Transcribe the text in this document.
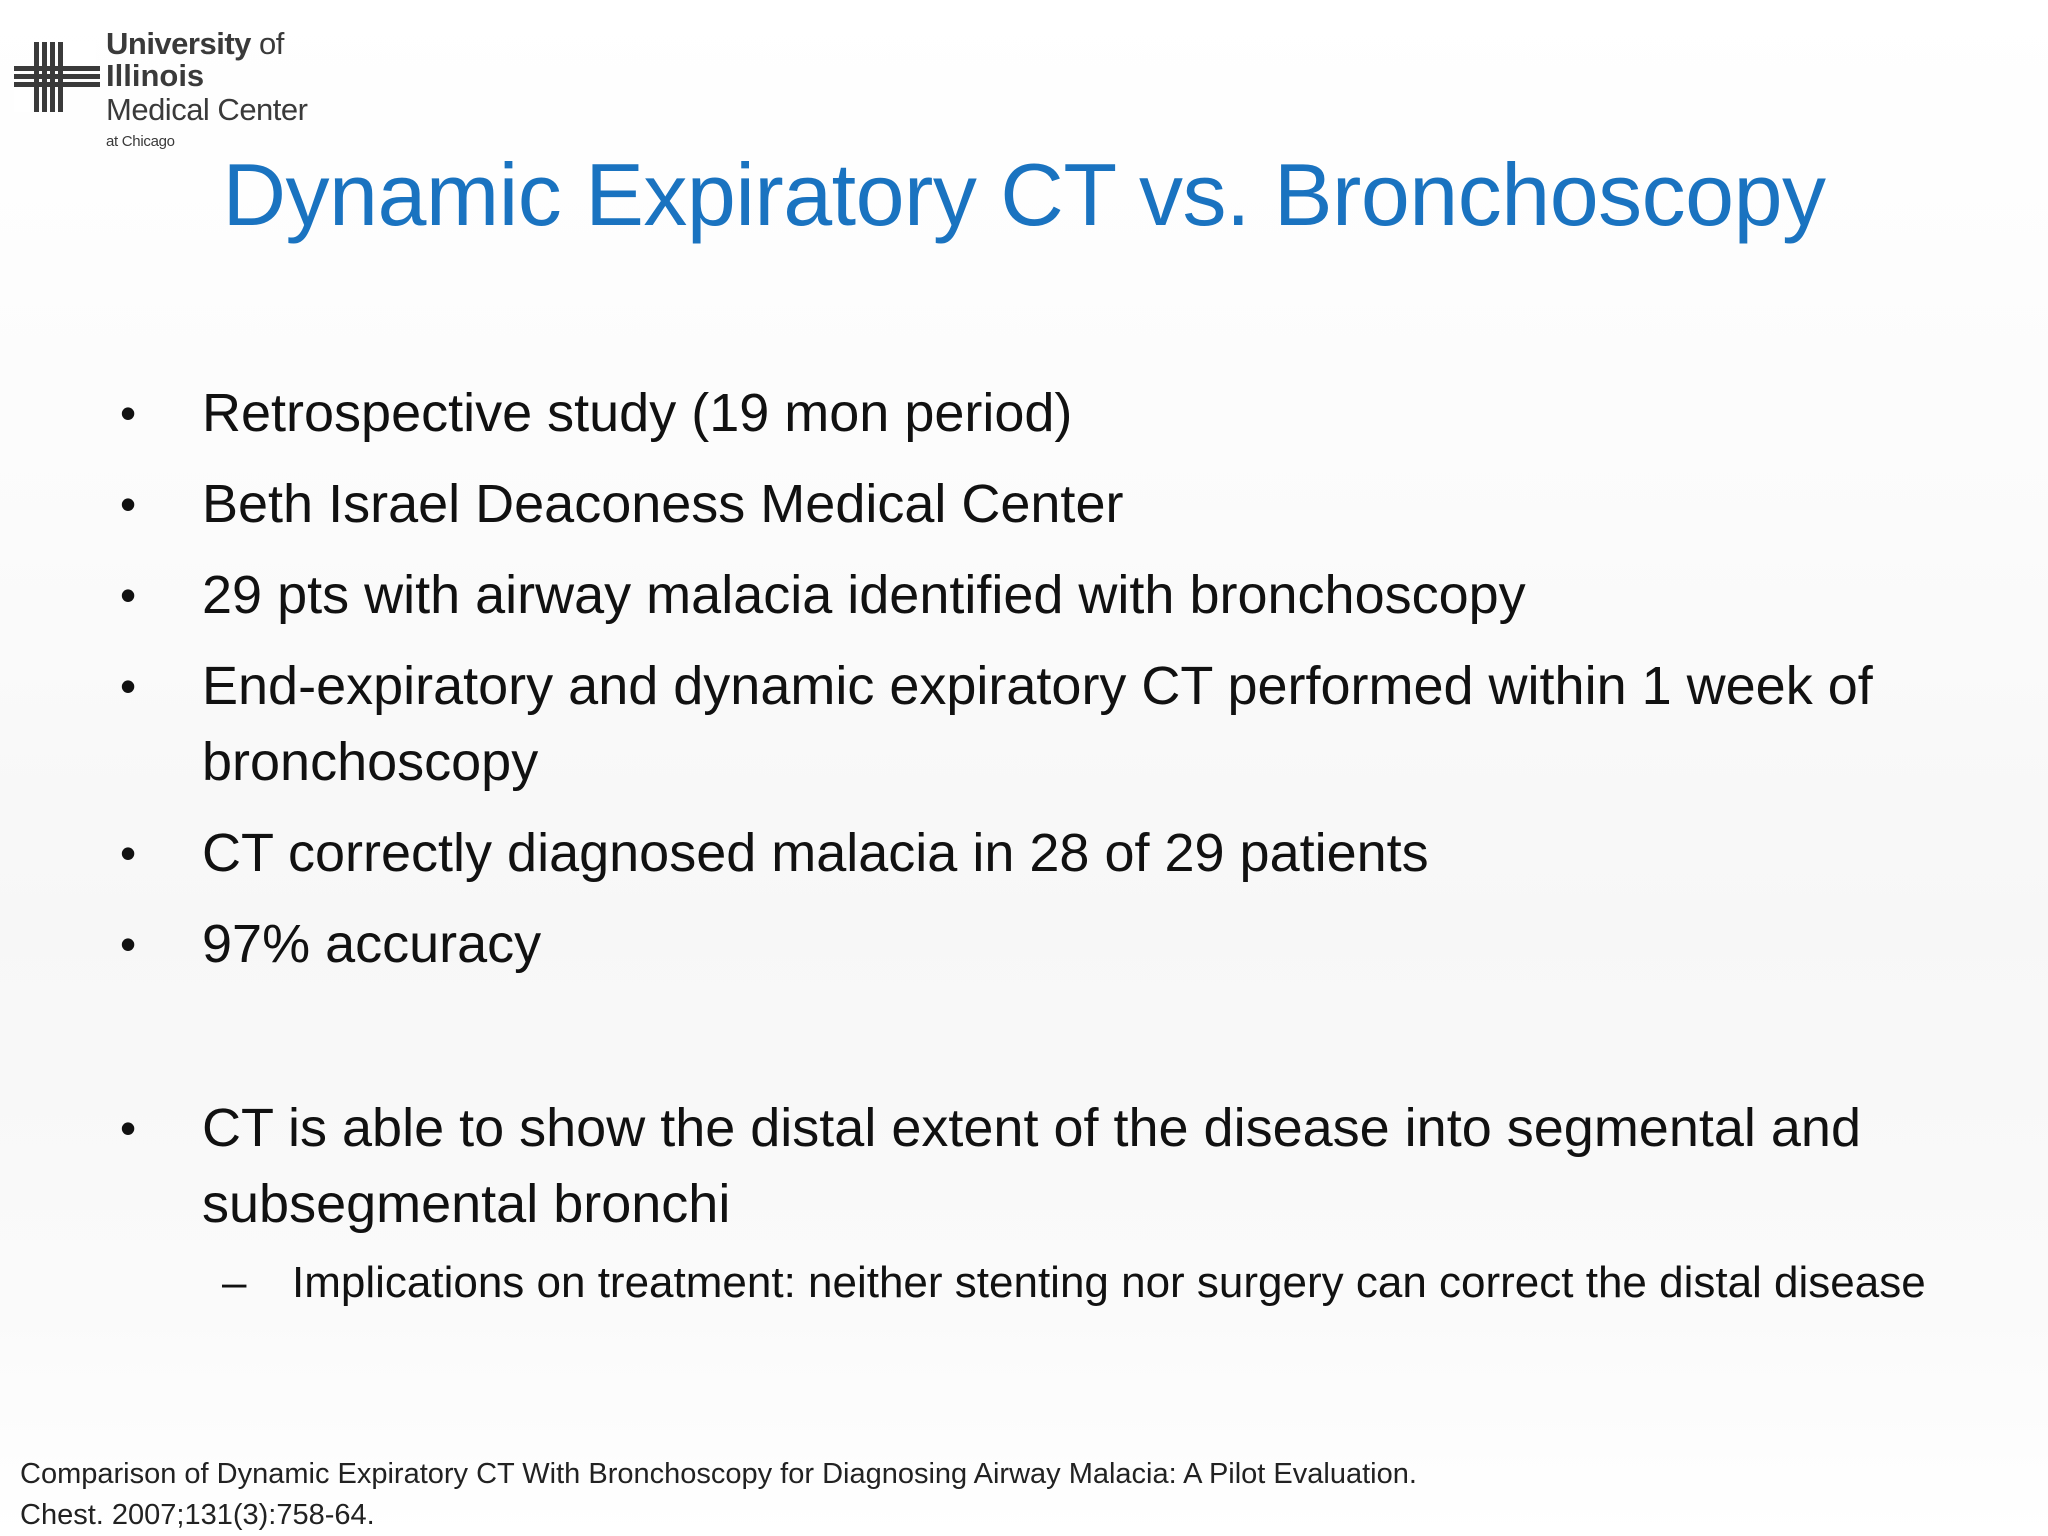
University of
Illinois
Medical Center
at Chicago
Dynamic Expiratory CT vs. Bronchoscopy
•	Retrospective study (19 mon period)
•	Beth Israel Deaconess Medical Center
•	29 pts with airway malacia identified with bronchoscopy
•	End-expiratory and dynamic expiratory CT performed within 1 week of bronchoscopy
•	CT correctly diagnosed malacia in 28 of 29 patients
•	97% accuracy
•	CT is able to show the distal extent of the disease into segmental and subsegmental bronchi
–	Implications on treatment: neither stenting nor surgery can correct the distal disease
Comparison of Dynamic Expiratory CT With Bronchoscopy for Diagnosing Airway Malacia: A Pilot Evaluation.
Chest. 2007;131(3):758-64.
